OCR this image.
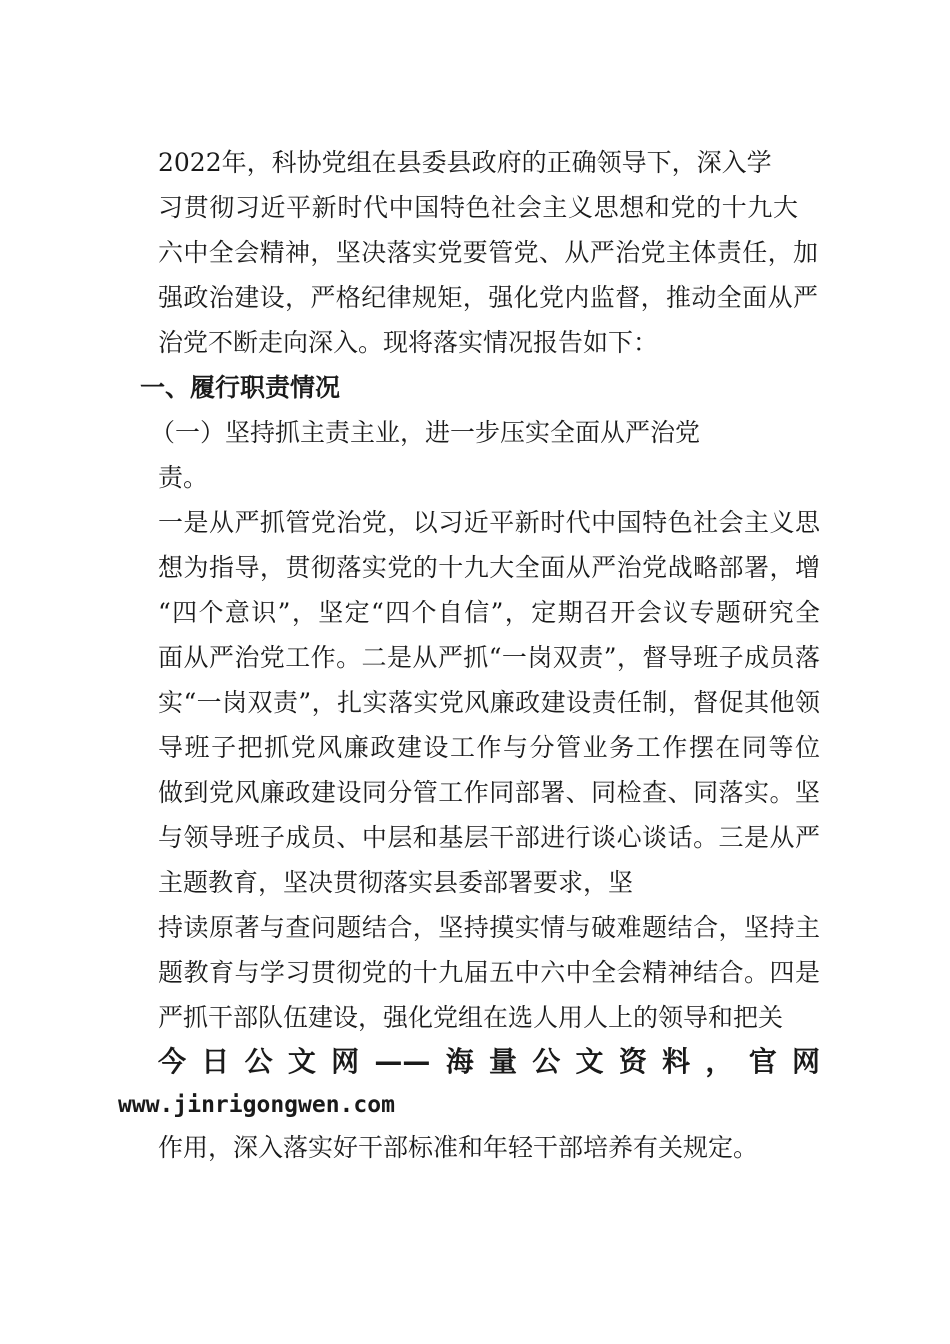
2022年，科协党组在县委县政府的正确领导下，深入学
习贯彻习近平新时代中国特色社会主义思想和党的十九大
六中全会精神，坚决落实党要管党、从严治党主体责任，加
强政治建设，严格纪律规矩，强化党内监督，推动全面从严
治党不断走向深入。现将落实情况报告如下：
一、履行职责情况
（一）坚持抓主责主业，进一步压实全面从严治党
责。
一是从严抓管党治党，以习近平新时代中国特色社会主义思
想为指导，贯彻落实党的十九大全面从严治党战略部署，增
“四个意识”，坚定“四个自信”，定期召开会议专题研究全
面从严治党工作。二是从严抓“一岗双责”，督导班子成员落
实“一岗双责”，扎实落实党风廉政建设责任制，督促其他领
导班子把抓党风廉政建设工作与分管业务工作摆在同等位
做到党风廉政建设同分管工作同部署、同检查、同落实。坚
与领导班子成员、中层和基层干部进行谈心谈话。三是从严
主题教育，坚决贯彻落实县委部署要求，坚
持读原著与查问题结合，坚持摸实情与破难题结合，坚持主
题教育与学习贯彻党的十九届五中六中全会精神结合。四是
严抓干部队伍建设，强化党组在选人用人上的领导和把关
今日公文网——海量公文资料，官网
www.jinrigongwen.com
作用，深入落实好干部标准和年轻干部培养有关规定。
